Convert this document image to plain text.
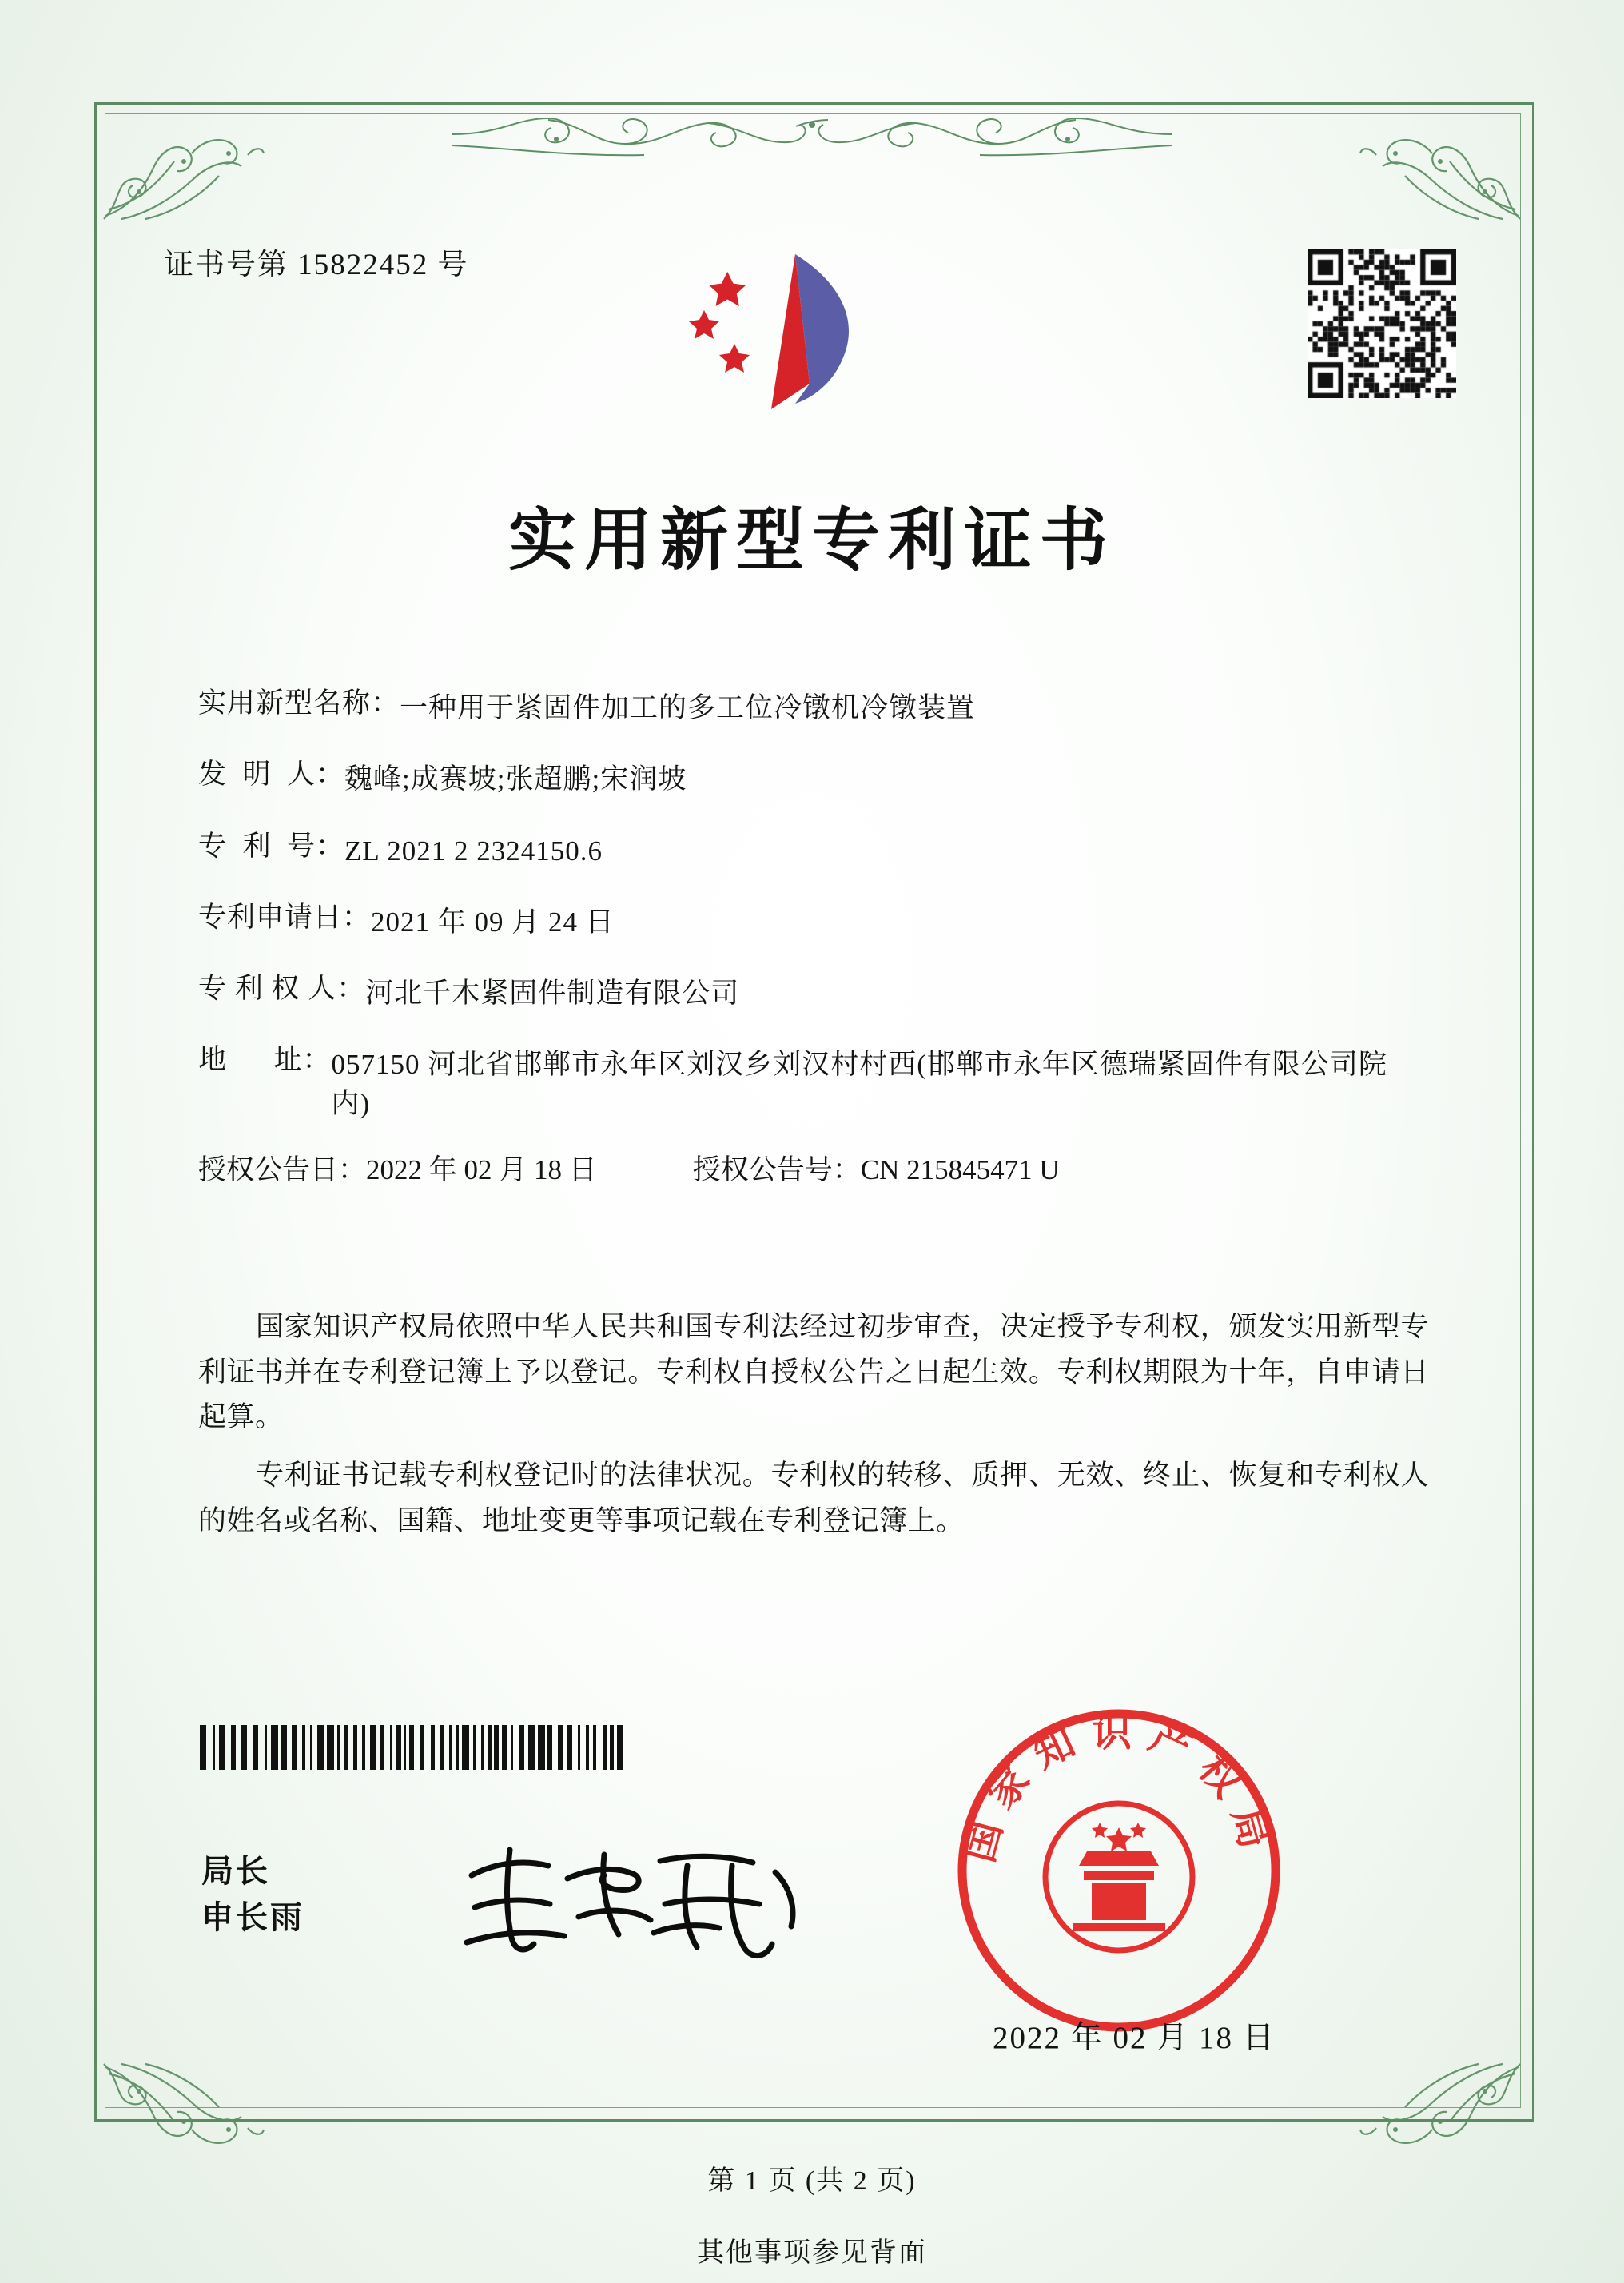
证书号第 15822452 号
实用新型专利证书
实用新型名称： 一种用于紧固件加工的多工位冷镦机冷镦装置
发  明  人： 魏峰;成赛坡;张超鹏;宋润坡
专  利  号： ZL 2021 2 2324150.6
专利申请日： 2021 年 09 月 24 日
专 利 权 人： 河北千木紧固件制造有限公司
地      址： 057150 河北省邯郸市永年区刘汉乡刘汉村村西(邯郸市永年区德瑞紧固件有限公司院内)
授权公告日： 2022 年 02 月 18 日	授权公告号： CN 215845471 U

国家知识产权局依照中华人民共和国专利法经过初步审查，决定授予专利权，颁发实用新型专利证书并在专利登记簿上予以登记。专利权自授权公告之日起生效。专利权期限为十年，自申请日起算。

专利证书记载专利权登记时的法律状况。专利权的转移、质押、无效、终止、恢复和专利权人的姓名或名称、国籍、地址变更等事项记载在专利登记簿上。

局长
申长雨
国家知识产权局
2022 年 02 月 18 日
第 1 页 (共 2 页)
其他事项参见背面
